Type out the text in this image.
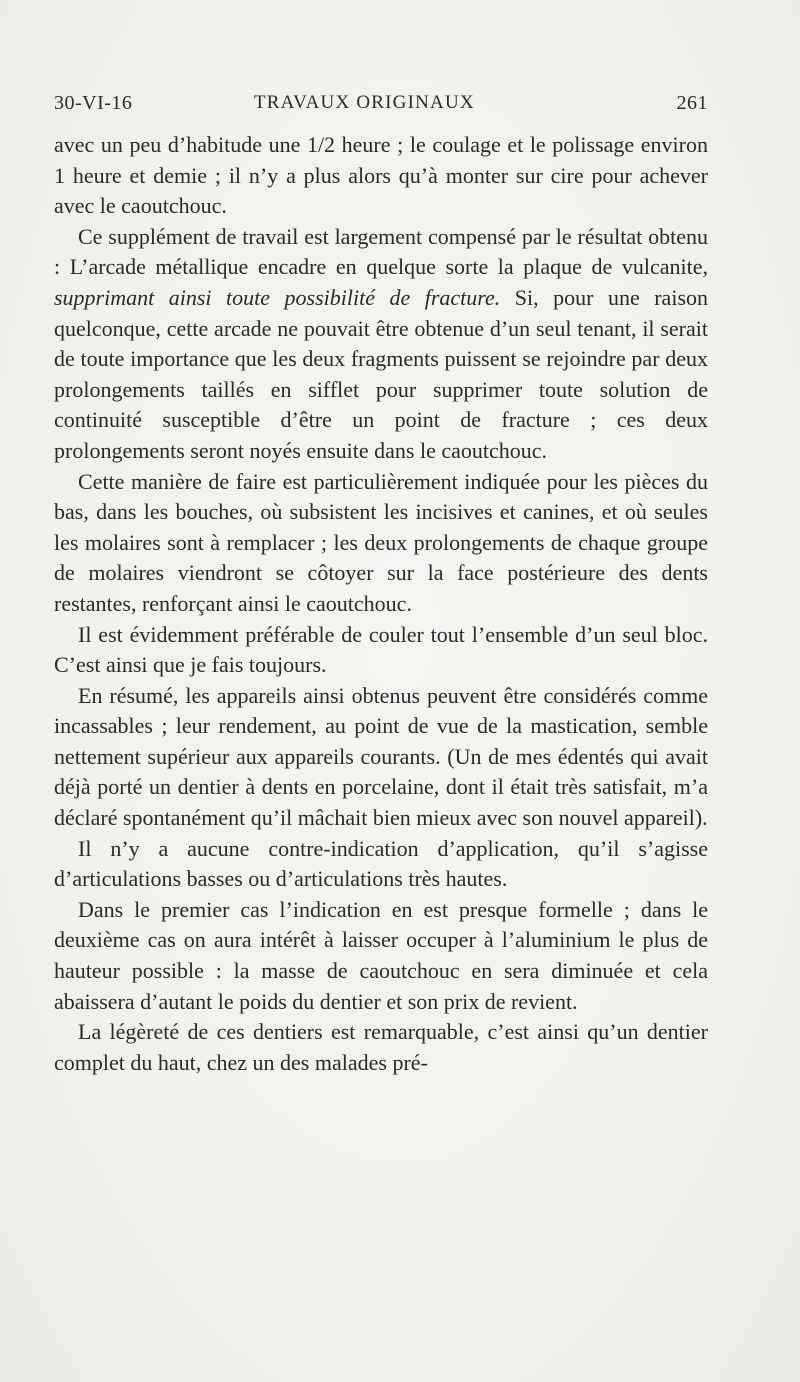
30-VI-16	TRAVAUX ORIGINAUX	261

avec un peu d’habitude une 1/2 heure ; le coulage et le polissage environ 1 heure et demie ; il n’y a plus alors qu’à monter sur cire pour achever avec le caoutchouc.

Ce supplément de travail est largement compensé par le résultat obtenu : L’arcade métallique encadre en quelque sorte la plaque de vulcanite, supprimant ainsi toute possibilité de fracture. Si, pour une raison quelconque, cette arcade ne pouvait être obtenue d’un seul tenant, il serait de toute importance que les deux fragments puissent se rejoindre par deux prolongements taillés en sifflet pour supprimer toute solution de continuité susceptible d’être un point de fracture ; ces deux prolongements seront noyés ensuite dans le caoutchouc.

Cette manière de faire est particulièrement indiquée pour les pièces du bas, dans les bouches, où subsistent les incisives et canines, et où seules les molaires sont à remplacer ; les deux prolongements de chaque groupe de molaires viendront se côtoyer sur la face postérieure des dents restantes, renforçant ainsi le caoutchouc.

Il est évidemment préférable de couler tout l’ensemble d’un seul bloc. C’est ainsi que je fais toujours.

En résumé, les appareils ainsi obtenus peuvent être considérés comme incassables ; leur rendement, au point de vue de la mastication, semble nettement supérieur aux appareils courants. (Un de mes édentés qui avait déjà porté un dentier à dents en porcelaine, dont il était très satisfait, m’a déclaré spontanément qu’il mâchait bien mieux avec son nouvel appareil).

Il n’y a aucune contre-indication d’application, qu’il s’agisse d’articulations basses ou d’articulations très hautes.

Dans le premier cas l’indication en est presque formelle ; dans le deuxième cas on aura intérêt à laisser occuper à l’aluminium le plus de hauteur possible : la masse de caoutchouc en sera diminuée et cela abaissera d’autant le poids du dentier et son prix de revient.

La légèreté de ces dentiers est remarquable, c’est ainsi qu’un dentier complet du haut, chez un des malades pré-
